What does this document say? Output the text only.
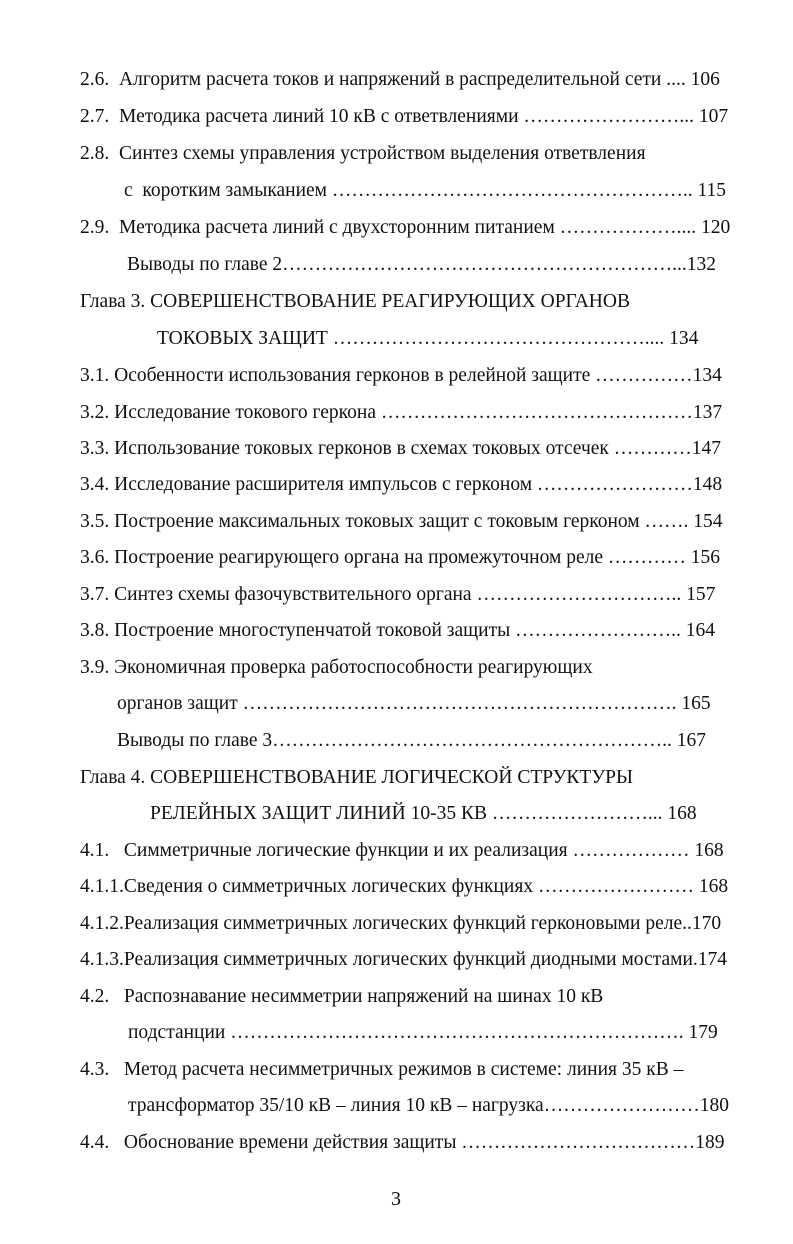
2.6.  Алгоритм расчета токов и напряжений в распределительной сети .... 106
2.7.  Методика расчета линий 10 кВ с ответвлениями ……………………... 107
2.8.  Синтез схемы управления устройством выделения ответвления
с  коротким замыканием ……………………………………………….. 115
2.9.  Методика расчета линий с двухсторонним питанием ……………….... 120
Выводы по главе 2……………………………………………………...132
Глава 3. СОВЕРШЕНСТВОВАНИЕ РЕАГИРУЮЩИХ ОРГАНОВ
ТОКОВЫХ ЗАЩИТ ………………………………………….... 134
3.1. Особенности использования герконов в релейной защите ……………134
3.2. Исследование токового геркона …………………………………………137
3.3. Использование токовых герконов в схемах токовых отсечек …………147
3.4. Исследование расширителя импульсов с герконом ……………………148
3.5. Построение максимальных токовых защит с токовым герконом ……. 154
3.6. Построение реагирующего органа на промежуточном реле ………… 156
3.7. Синтез схемы фазочувствительного органа ………………………….. 157
3.8. Построение многоступенчатой токовой защиты …………………….. 164
3.9. Экономичная проверка работоспособности реагирующих
органов защит …………………………………………………………. 165
Выводы по главе 3…………………………………………………….. 167
Глава 4. СОВЕРШЕНСТВОВАНИЕ ЛОГИЧЕСКОЙ СТРУКТУРЫ
РЕЛЕЙНЫХ ЗАЩИТ ЛИНИЙ 10-35 КВ ……………………... 168
4.1.   Симметричные логические функции и их реализация ……………… 168
4.1.1.Сведения о симметричных логических функциях …………………… 168
4.1.2.Реализация симметричных логических функций герконовыми реле..170
4.1.3.Реализация симметричных логических функций диодными мостами.174
4.2.   Распознавание несимметрии напряжений на шинах 10 кВ
подстанции ……………………………………………………………. 179
4.3.   Метод расчета несимметричных режимов в системе: линия 35 кВ –
трансформатор 35/10 кВ – линия 10 кВ – нагрузка……………………180
4.4.   Обоснование времени действия защиты ………………………………189
3
